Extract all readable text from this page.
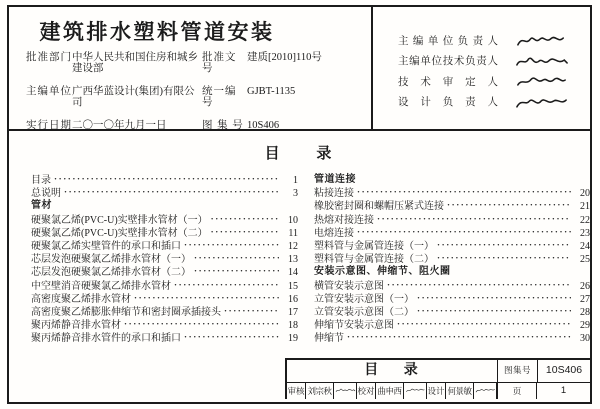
建筑排水塑料管道安装
批准部门 中华人民共和国住房和城乡建设部
批准文号
建质[2010]110号
主编单位 广西华蓝设计(集团)有限公司
统一编号
GJBT-1135
实行日期 二〇一〇年九月一日	图 集 号 10S406
主编单位负责人
主编单位技术负责人
技术审定人
设计负责人
目 录
目录 ·····	1
总说明 ·····	3
管材
硬聚氯乙烯(PVC-U)实壁排水管材（一） ·····	10
硬聚氯乙烯(PVC-U)实壁排水管材（二） ·····	11
硬聚氯乙烯实壁管件的承口和插口 ·····	12
芯层发泡硬聚氯乙烯排水管材（一） ·····	13
芯层发泡硬聚氯乙烯排水管材（二） ·····	14
中空壁消音硬聚氯乙烯排水管材 ·····	15
高密度聚乙烯排水管材 ·····	16
高密度聚乙烯膨胀伸缩节和密封圈承插接头 ·····	17
聚丙烯静音排水管材 ·····	18
聚丙烯静音排水管件的承口和插口 ·····	19
管道连接
粘接连接 ·····	20
橡胶密封圈和螺帽压紧式连接 ·····	21
热熔对接连接 ·····	22
电熔连接 ·····	23
塑料管与金属管连接（一） ·····	24
塑料管与金属管连接（二） ·····	25
安装示意图、伸缩节、阻火圈
横管安装示意图 ·····	26
立管安装示意图（一） ·····	27
立管安装示意图（二） ·····	28
伸缩节安装示意图 ·····	29
伸缩节 ·····	30
目 录	图集号	10S406
审核 刘宗秋	校对 曲申西	设计 何景敏	页	1
